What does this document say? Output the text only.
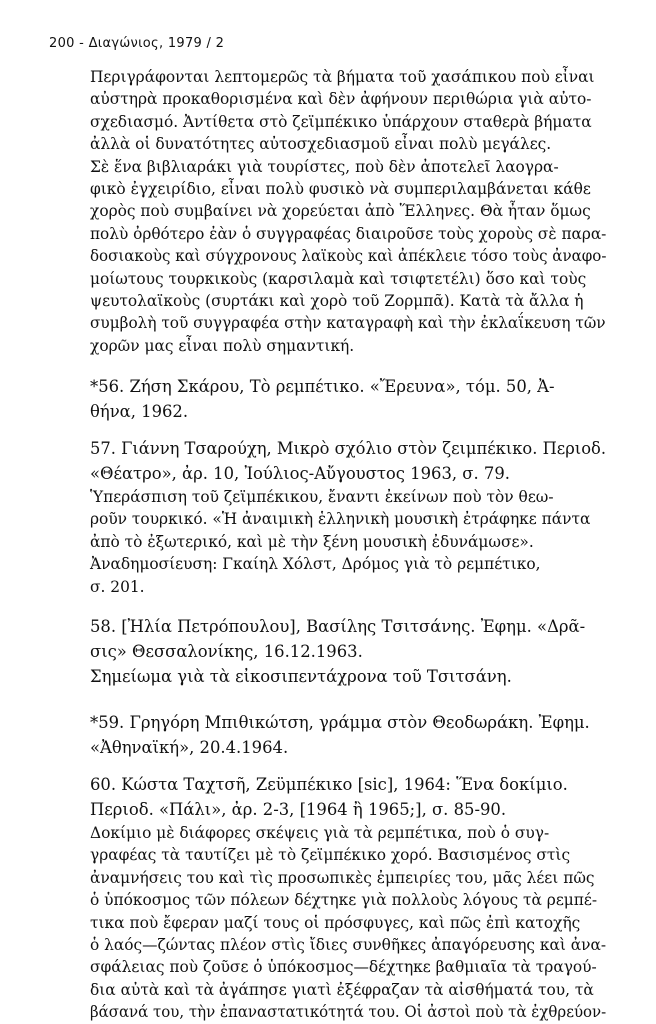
200 - Διαγώνιος, 1979 / 2
Περιγράφονται λεπτομερῶς τὰ βήματα τοῦ χασάπικου ποὺ εἶναι
αὐστηρὰ προκαθορισμένα καὶ δὲν ἀφήνουν περιθώρια γιὰ αὐτο-
σχεδιασμό. Ἀντίθετα στὸ ζεϊμπέκικο ὑπάρχουν σταθερὰ βήματα
ἀλλὰ οἱ δυνατότητες αὐτοσχεδιασμοῦ εἶναι πολὺ μεγάλες.
Σὲ ἕνα βιβλιαράκι γιὰ τουρίστες, ποὺ δὲν ἀποτελεῖ λαογρα-
φικὸ ἐγχειρίδιο, εἶναι πολὺ φυσικὸ νὰ συμπεριλαμβάνεται κάθε
χορὸς ποὺ συμβαίνει νὰ χορεύεται ἀπὸ Ἕλληνες. Θὰ ἦταν ὅμως
πολὺ ὀρθότερο ἐὰν ὁ συγγραφέας διαιροῦσε τοὺς χοροὺς σὲ παρα-
δοσιακοὺς καὶ σύγχρονους λαϊκοὺς καὶ ἀπέκλειε τόσο τοὺς ἀναφο-
μοίωτους τουρκικοὺς (καρσιλαμὰ καὶ τσιφτετέλι) ὅσο καὶ τοὺς
ψευτολαϊκοὺς (συρτάκι καὶ χορὸ τοῦ Ζορμπᾶ). Κατὰ τὰ ἄλλα ἡ
συμβολὴ τοῦ συγγραφέα στὴν καταγραφὴ καὶ τὴν ἐκλαΐκευση τῶν
χορῶν μας εἶναι πολὺ σημαντική.
*56. Ζήση Σκάρου, Τὸ ρεμπέτικο. «Ἔρευνα», τόμ. 50, Ἀ-
θήνα, 1962.
57. Γιάννη Τσαρούχη, Μικρὸ σχόλιο στὸν ζειμπέκικο. Περιοδ.
«Θέατρο», ἀρ. 10, Ἰούλιος-Αὔγουστος 1963, σ. 79.
Ὑπεράσπιση τοῦ ζεϊμπέκικου, ἔναντι ἐκείνων ποὺ τὸν θεω-
ροῦν τουρκικό. «Ἡ ἀναιμικὴ ἑλληνικὴ μουσικὴ ἐτράφηκε πάντα
ἀπὸ τὸ ἐξωτερικό, καὶ μὲ τὴν ξένη μουσικὴ ἐδυνάμωσε».
Ἀναδημοσίευση: Γκαίηλ Χόλστ, Δρόμος γιὰ τὸ ρεμπέτικο,
σ. 201.
58. [Ἠλία Πετρόπουλου], Βασίλης Τσιτσάνης. Ἐφημ. «Δρᾶ-
σις» Θεσσαλονίκης, 16.12.1963.
Σημείωμα γιὰ τὰ εἰκοσιπεντάχρονα τοῦ Τσιτσάνη.
*59. Γρηγόρη Μπιθικώτση, γράμμα στὸν Θεοδωράκη. Ἐφημ.
«Ἀθηναϊκή», 20.4.1964.
60. Κώστα Ταχτσῆ, Ζεϋμπέκικο [sic], 1964: Ἕνα δοκίμιο.
Περιοδ. «Πάλι», ἀρ. 2-3, [1964 ἢ 1965;], σ. 85-90.
Δοκίμιο μὲ διάφορες σκέψεις γιὰ τὰ ρεμπέτικα, ποὺ ὁ συγ-
γραφέας τὰ ταυτίζει μὲ τὸ ζεϊμπέκικο χορό. Βασισμένος στὶς
ἀναμνήσεις του καὶ τὶς προσωπικὲς ἐμπειρίες του, μᾶς λέει πῶς
ὁ ὑπόκοσμος τῶν πόλεων δέχτηκε γιὰ πολλοὺς λόγους τὰ ρεμπέ-
τικα ποὺ ἔφεραν μαζί τους οἱ πρόσφυγες, καὶ πῶς ἐπὶ κατοχῆς
ὁ λαός—ζώντας πλέον στὶς ἴδιες συνθῆκες ἀπαγόρευσης καὶ ἀνα-
σφάλειας ποὺ ζοῦσε ὁ ὑπόκοσμος—δέχτηκε βαθμιαῖα τὰ τραγού-
δια αὐτὰ καὶ τὰ ἀγάπησε γιατὶ ἐξέφραζαν τὰ αἰσθήματά του, τὰ
βάσανά του, τὴν ἐπαναστατικότητά του. Οἱ ἀστοὶ ποὺ τὰ ἐχθρεύον-
